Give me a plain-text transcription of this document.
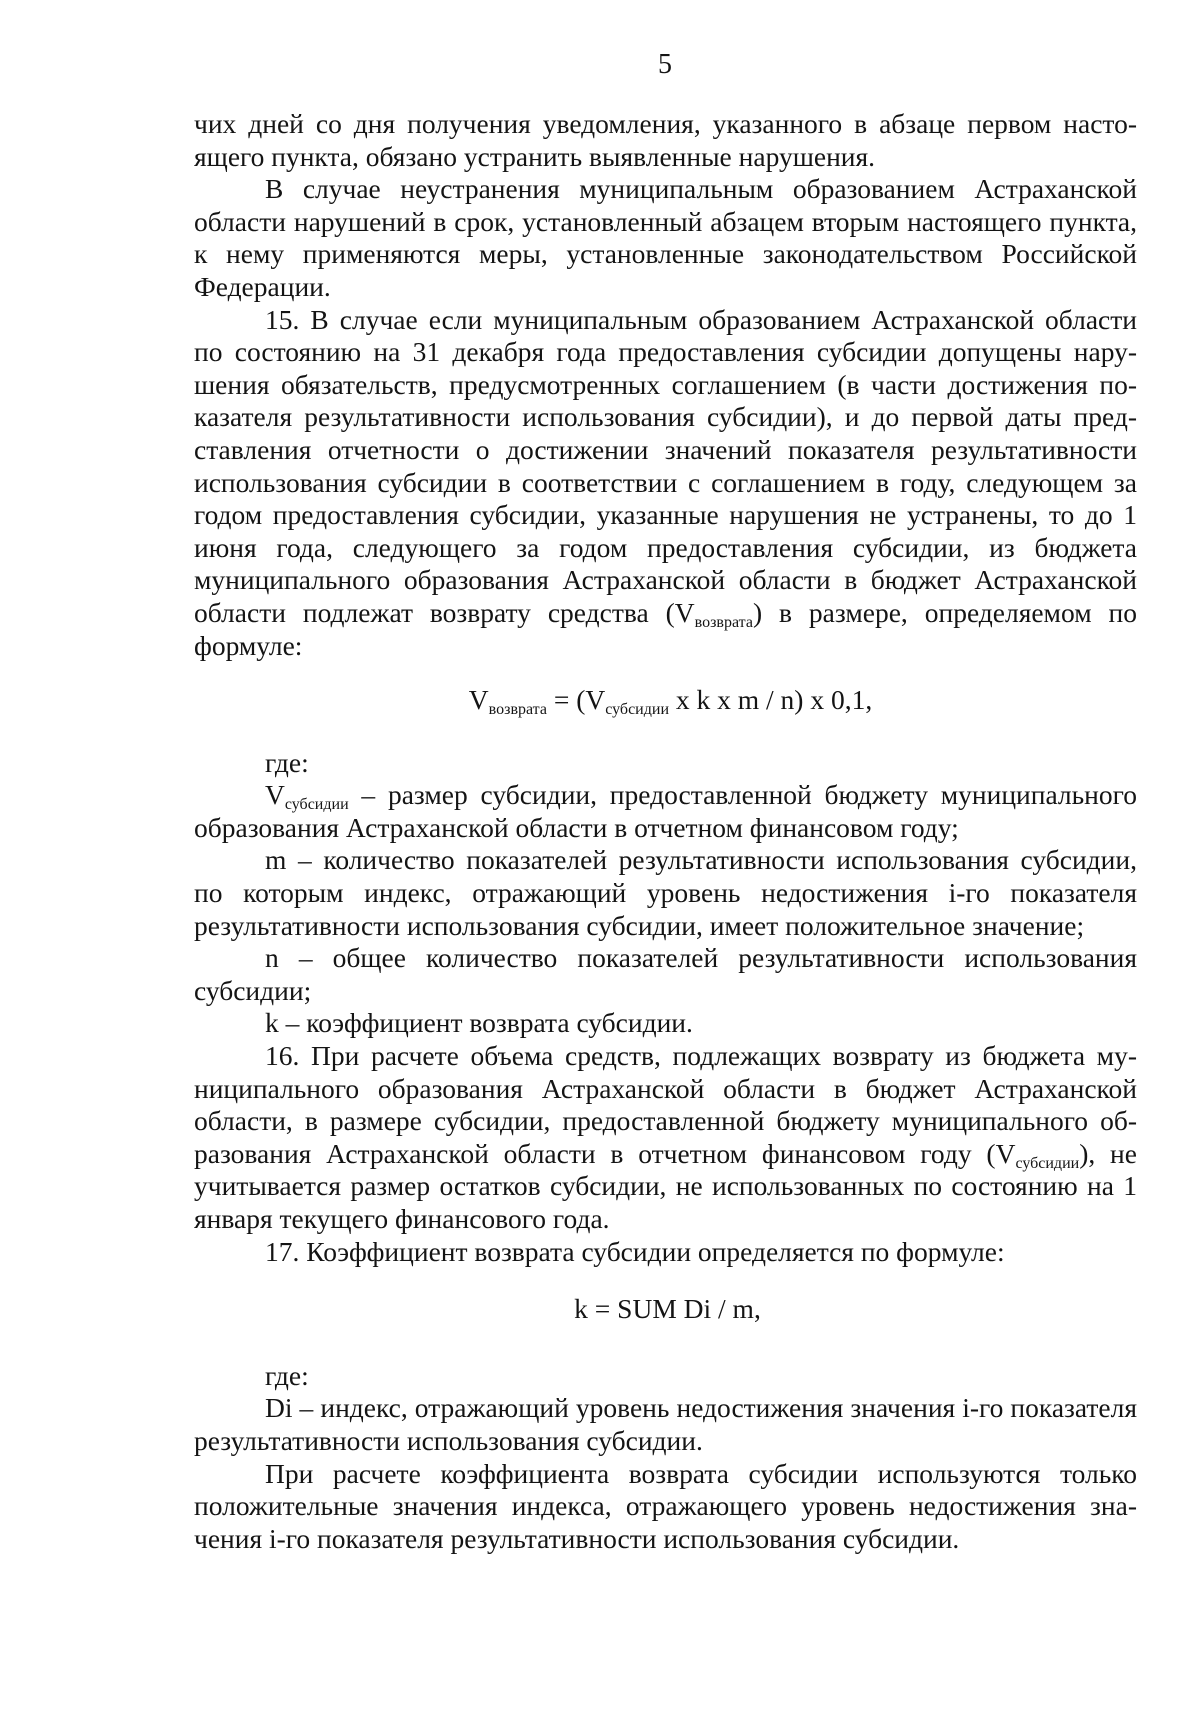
5

чих дней со дня получения уведомления, указанного в абзаце первом настоящего пункта, обязано устранить выявленные нарушения.

В случае неустранения муниципальным образованием Астраханской области нарушений в срок, установленный абзацем вторым настоящего пункта, к нему применяются меры, установленные законодательством Российской Федерации.

15. В случае если муниципальным образованием Астраханской области по состоянию на 31 декабря года предоставления субсидии допущены нарушения обязательств, предусмотренных соглашением (в части достижения показателя результативности использования субсидии), и до первой даты представления отчетности о достижении значений показателя результативности использования субсидии в соответствии с соглашением в году, следующем за годом предоставления субсидии, указанные нарушения не устранены, то до 1 июня года, следующего за годом предоставления субсидии, из бюджета муниципального образования Астраханской области в бюджет Астраханской области подлежат возврату средства $(V_{возврата})$ в размере, определяемом по формуле:

$V_{возврата} = (V_{субсидии}$ x k x m / n) x 0,1,

где:

$V_{субсидии}$ – размер субсидии, предоставленной бюджету муниципального образования Астраханской области в отчетном финансовом году;

m – количество показателей результативности использования субсидии, по которым индекс, отражающий уровень недостижения i-го показателя результативности использования субсидии, имеет положительное значение;

n – общее количество показателей результативности использования субсидии;

k – коэффициент возврата субсидии.

16. При расчете объема средств, подлежащих возврату из бюджета муниципального образования Астраханской области в бюджет Астраханской области, в размере субсидии, предоставленной бюджету муниципального образования Астраханской области в отчетном финансовом году $(V_{субсидии})$, не учитывается размер остатков субсидии, не использованных по состоянию на 1 января текущего финансового года.

17. Коэффициент возврата субсидии определяется по формуле:

k = SUM Di / m,

где:

Di – индекс, отражающий уровень недостижения значения i-го показателя результативности использования субсидии.

При расчете коэффициента возврата субсидии используются только положительные значения индекса, отражающего уровень недостижения значения i-го показателя результативности использования субсидии.
